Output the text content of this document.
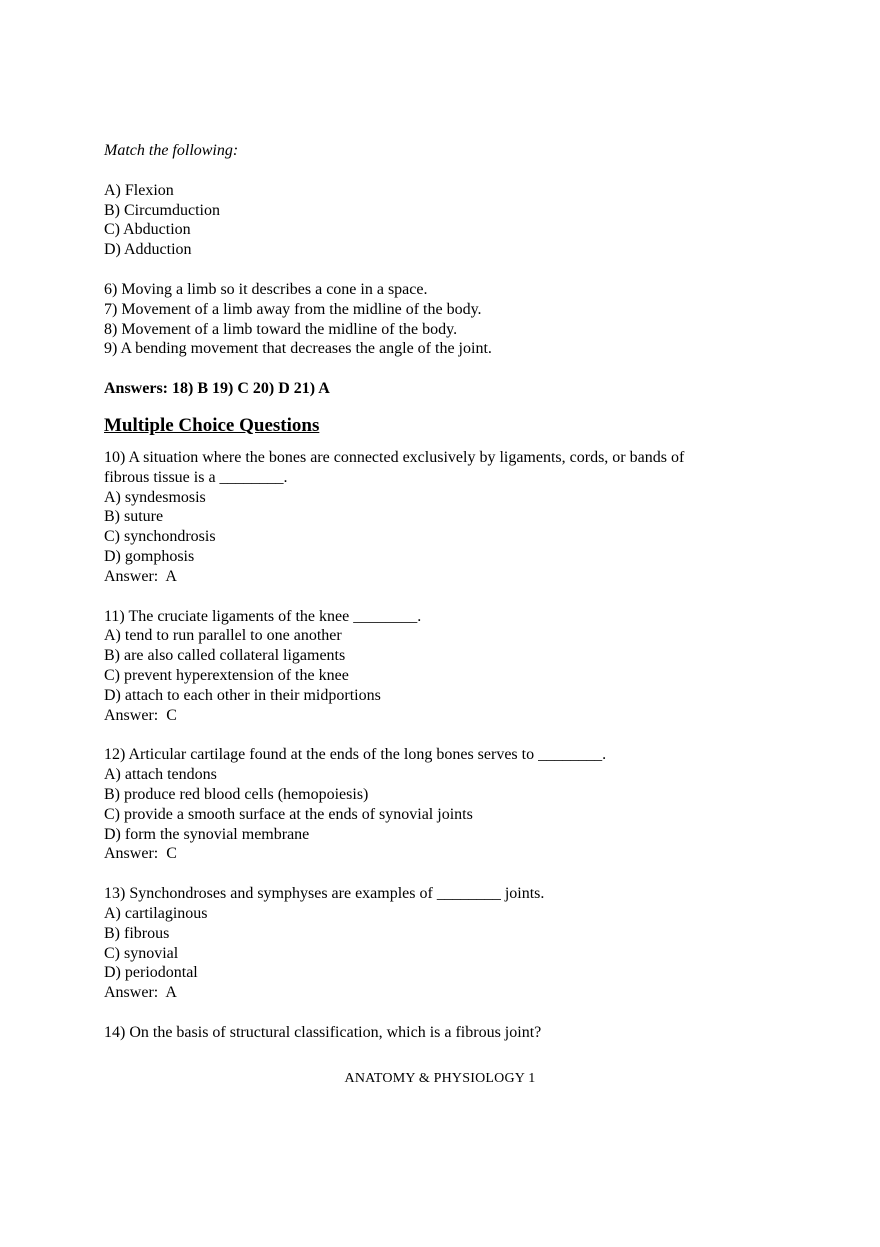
Match the following:
A) Flexion
B) Circumduction
C) Abduction
D) Adduction
6) Moving a limb so it describes a cone in a space.
7) Movement of a limb away from the midline of the body.
8) Movement of a limb toward the midline of the body.
9) A bending movement that decreases the angle of the joint.
Answers: 18) B 19) C 20) D 21) A
Multiple Choice Questions
10) A situation where the bones are connected exclusively by ligaments, cords, or bands of
fibrous tissue is a ________.
A) syndesmosis
B) suture
C) synchondrosis
D) gomphosis
Answer:  A
11) The cruciate ligaments of the knee ________.
A) tend to run parallel to one another
B) are also called collateral ligaments
C) prevent hyperextension of the knee
D) attach to each other in their midportions
Answer:  C
12) Articular cartilage found at the ends of the long bones serves to ________.
A) attach tendons
B) produce red blood cells (hemopoiesis)
C) provide a smooth surface at the ends of synovial joints
D) form the synovial membrane
Answer:  C
13) Synchondroses and symphyses are examples of ________ joints.
A) cartilaginous
B) fibrous
C) synovial
D) periodontal
Answer:  A
14) On the basis of structural classification, which is a fibrous joint?
ANATOMY & PHYSIOLOGY 1
